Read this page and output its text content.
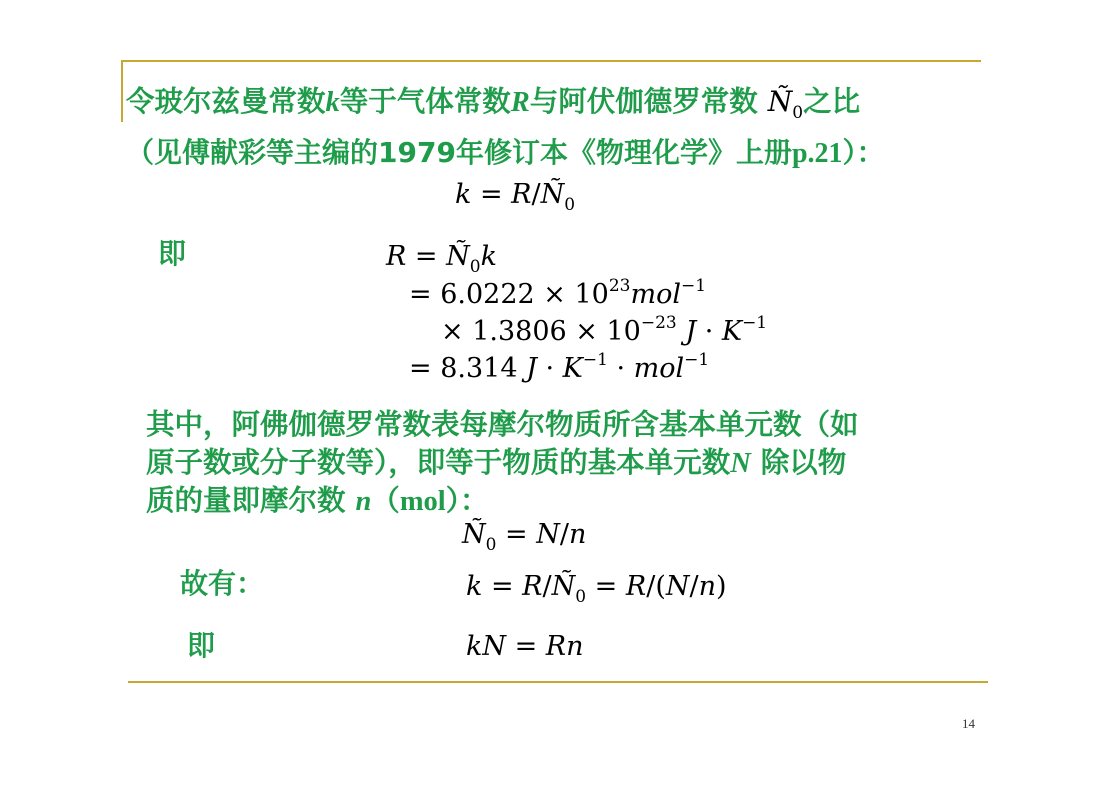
令玻尔兹曼常数k等于气体常数R与阿伏伽德罗常数 $Ñ_0$之比
（见傅献彩等主编的1979年修订本《物理化学》上册p.21）：
$k = R/Ñ_0$
即	$R = Ñ_0k$
= $6.0222 \times 10^{23}mol^{-1}$
× $1.3806 \times 10^{-23}$ $J \cdot K^{-1}$
= 8.314 $J \cdot K^{-1} \cdot mol^{-1}$
其中，阿佛伽德罗常数表每摩尔物质所含基本单元数（如
原子数或分子数等），即等于物质的基本单元数N 除以物
质的量即摩尔数 n（mol）：
$Ñ_0 = N/n$
故有：	$k = R/Ñ_0 = R/(N/n)$
即	kN = Rn
14
